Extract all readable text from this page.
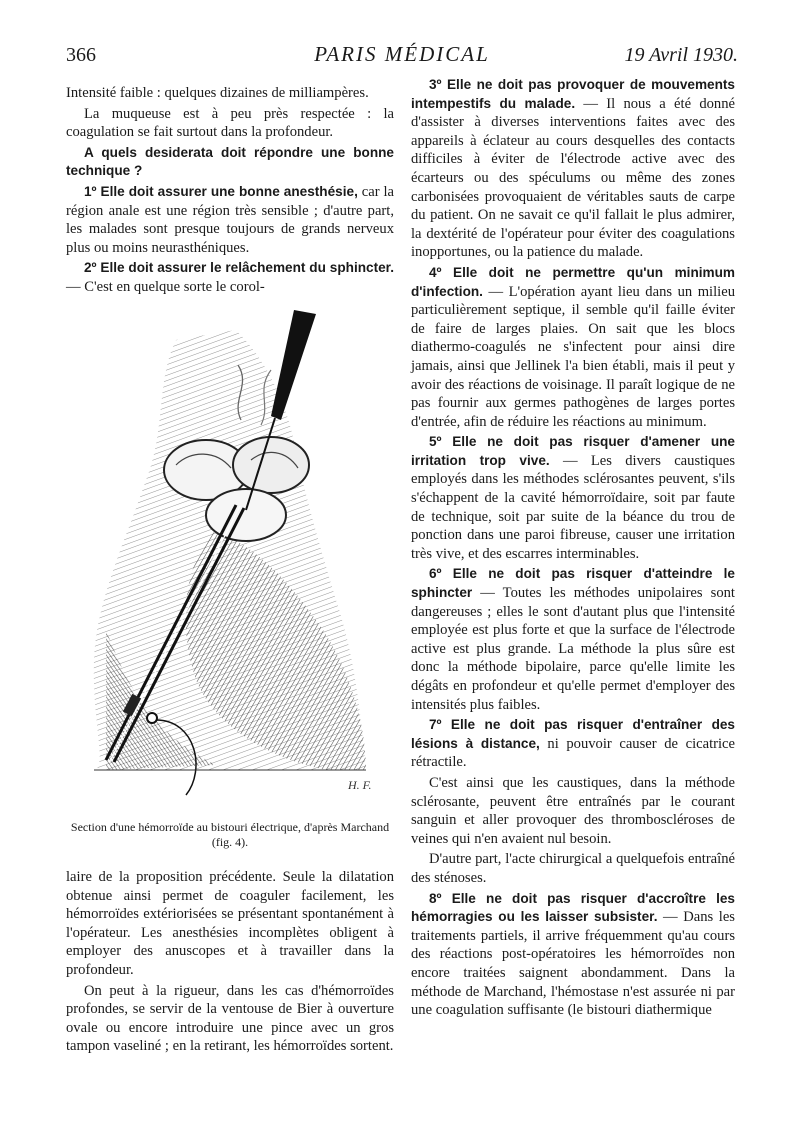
366	PARIS MÉDICAL	19 Avril 1930.

Intensité faible : quelques dizaines de milliampères.

La muqueuse est à peu près respectée : la coagulation se fait surtout dans la profondeur.

A quels desiderata doit répondre une bonne technique ?

1º Elle doit assurer une bonne anesthésie, car la région anale est une région très sensible ; d'autre part, les malades sont presque toujours de grands nerveux plus ou moins neurasthéniques.

2º Elle doit assurer le relâchement du sphincter. — C'est en quelque sorte le corol-

H. F.
Section d'une hémorroïde au bistouri électrique, d'après Marchand (fig. 4).

laire de la proposition précédente. Seule la dilatation obtenue ainsi permet de coaguler facilement, les hémorroïdes extériorisées se présentant spontanément à l'opérateur. Les anesthésies incomplètes obligent à employer des anuscopes et à travailler dans la profondeur.

On peut à la rigueur, dans les cas d'hémorroïdes profondes, se servir de la ventouse de Bier à ouverture ovale ou encore introduire une pince avec un gros tampon vaseliné ; en la retirant, les hémorroïdes sortent.

3º Elle ne doit pas provoquer de mouvements intempestifs du malade. — Il nous a été donné d'assister à diverses interventions faites avec des appareils à éclateur au cours desquelles des contacts difficiles à éviter de l'électrode active avec des écarteurs ou des spéculums ou même des zones carbonisées provoquaient de véritables sauts de carpe du patient. On ne savait ce qu'il fallait le plus admirer, la dextérité de l'opérateur pour éviter des coagulations inopportunes, ou la patience du malade.

4º Elle doit ne permettre qu'un minimum d'infection. — L'opération ayant lieu dans un milieu particulièrement septique, il semble qu'il faille éviter de faire de larges plaies. On sait que les blocs diathermo-coagulés ne s'infectent pour ainsi dire jamais, ainsi que Jellinek l'a bien établi, mais il peut y avoir des réactions de voisinage. Il paraît logique de ne pas fournir aux germes pathogènes de larges portes d'entrée, afin de réduire les réactions au minimum.

5º Elle ne doit pas risquer d'amener une irritation trop vive. — Les divers caustiques employés dans les méthodes sclérosantes peuvent, s'ils s'échappent de la cavité hémorroïdaire, soit par faute de technique, soit par suite de la béance du trou de ponction dans une paroi fibreuse, causer une irritation très vive, et des escarres interminables.

6º Elle ne doit pas risquer d'atteindre le sphincter — Toutes les méthodes unipolaires sont dangereuses ; elles le sont d'autant plus que l'intensité employée est plus forte et que la surface de l'électrode active est plus grande. La méthode la plus sûre est donc la méthode bipolaire, parce qu'elle limite les dégâts en profondeur et qu'elle permet d'employer des intensités plus faibles.

7º Elle ne doit pas risquer d'entraîner des lésions à distance, ni pouvoir causer de cicatrice rétractile.

C'est ainsi que les caustiques, dans la méthode sclérosante, peuvent être entraînés par le courant sanguin et aller provoquer des thromboscléroses de veines qui n'en avaient nul besoin.

D'autre part, l'acte chirurgical a quelquefois entraîné des sténoses.

8º Elle ne doit pas risquer d'accroître les hémorragies ou les laisser subsister. — Dans les traitements partiels, il arrive fréquemment qu'au cours des réactions post-opératoires les hémorroïdes non encore traitées saignent abondamment. Dans la méthode de Marchand, l'hémostase n'est assurée ni par une coagulation suffisante (le bistouri diathermique
